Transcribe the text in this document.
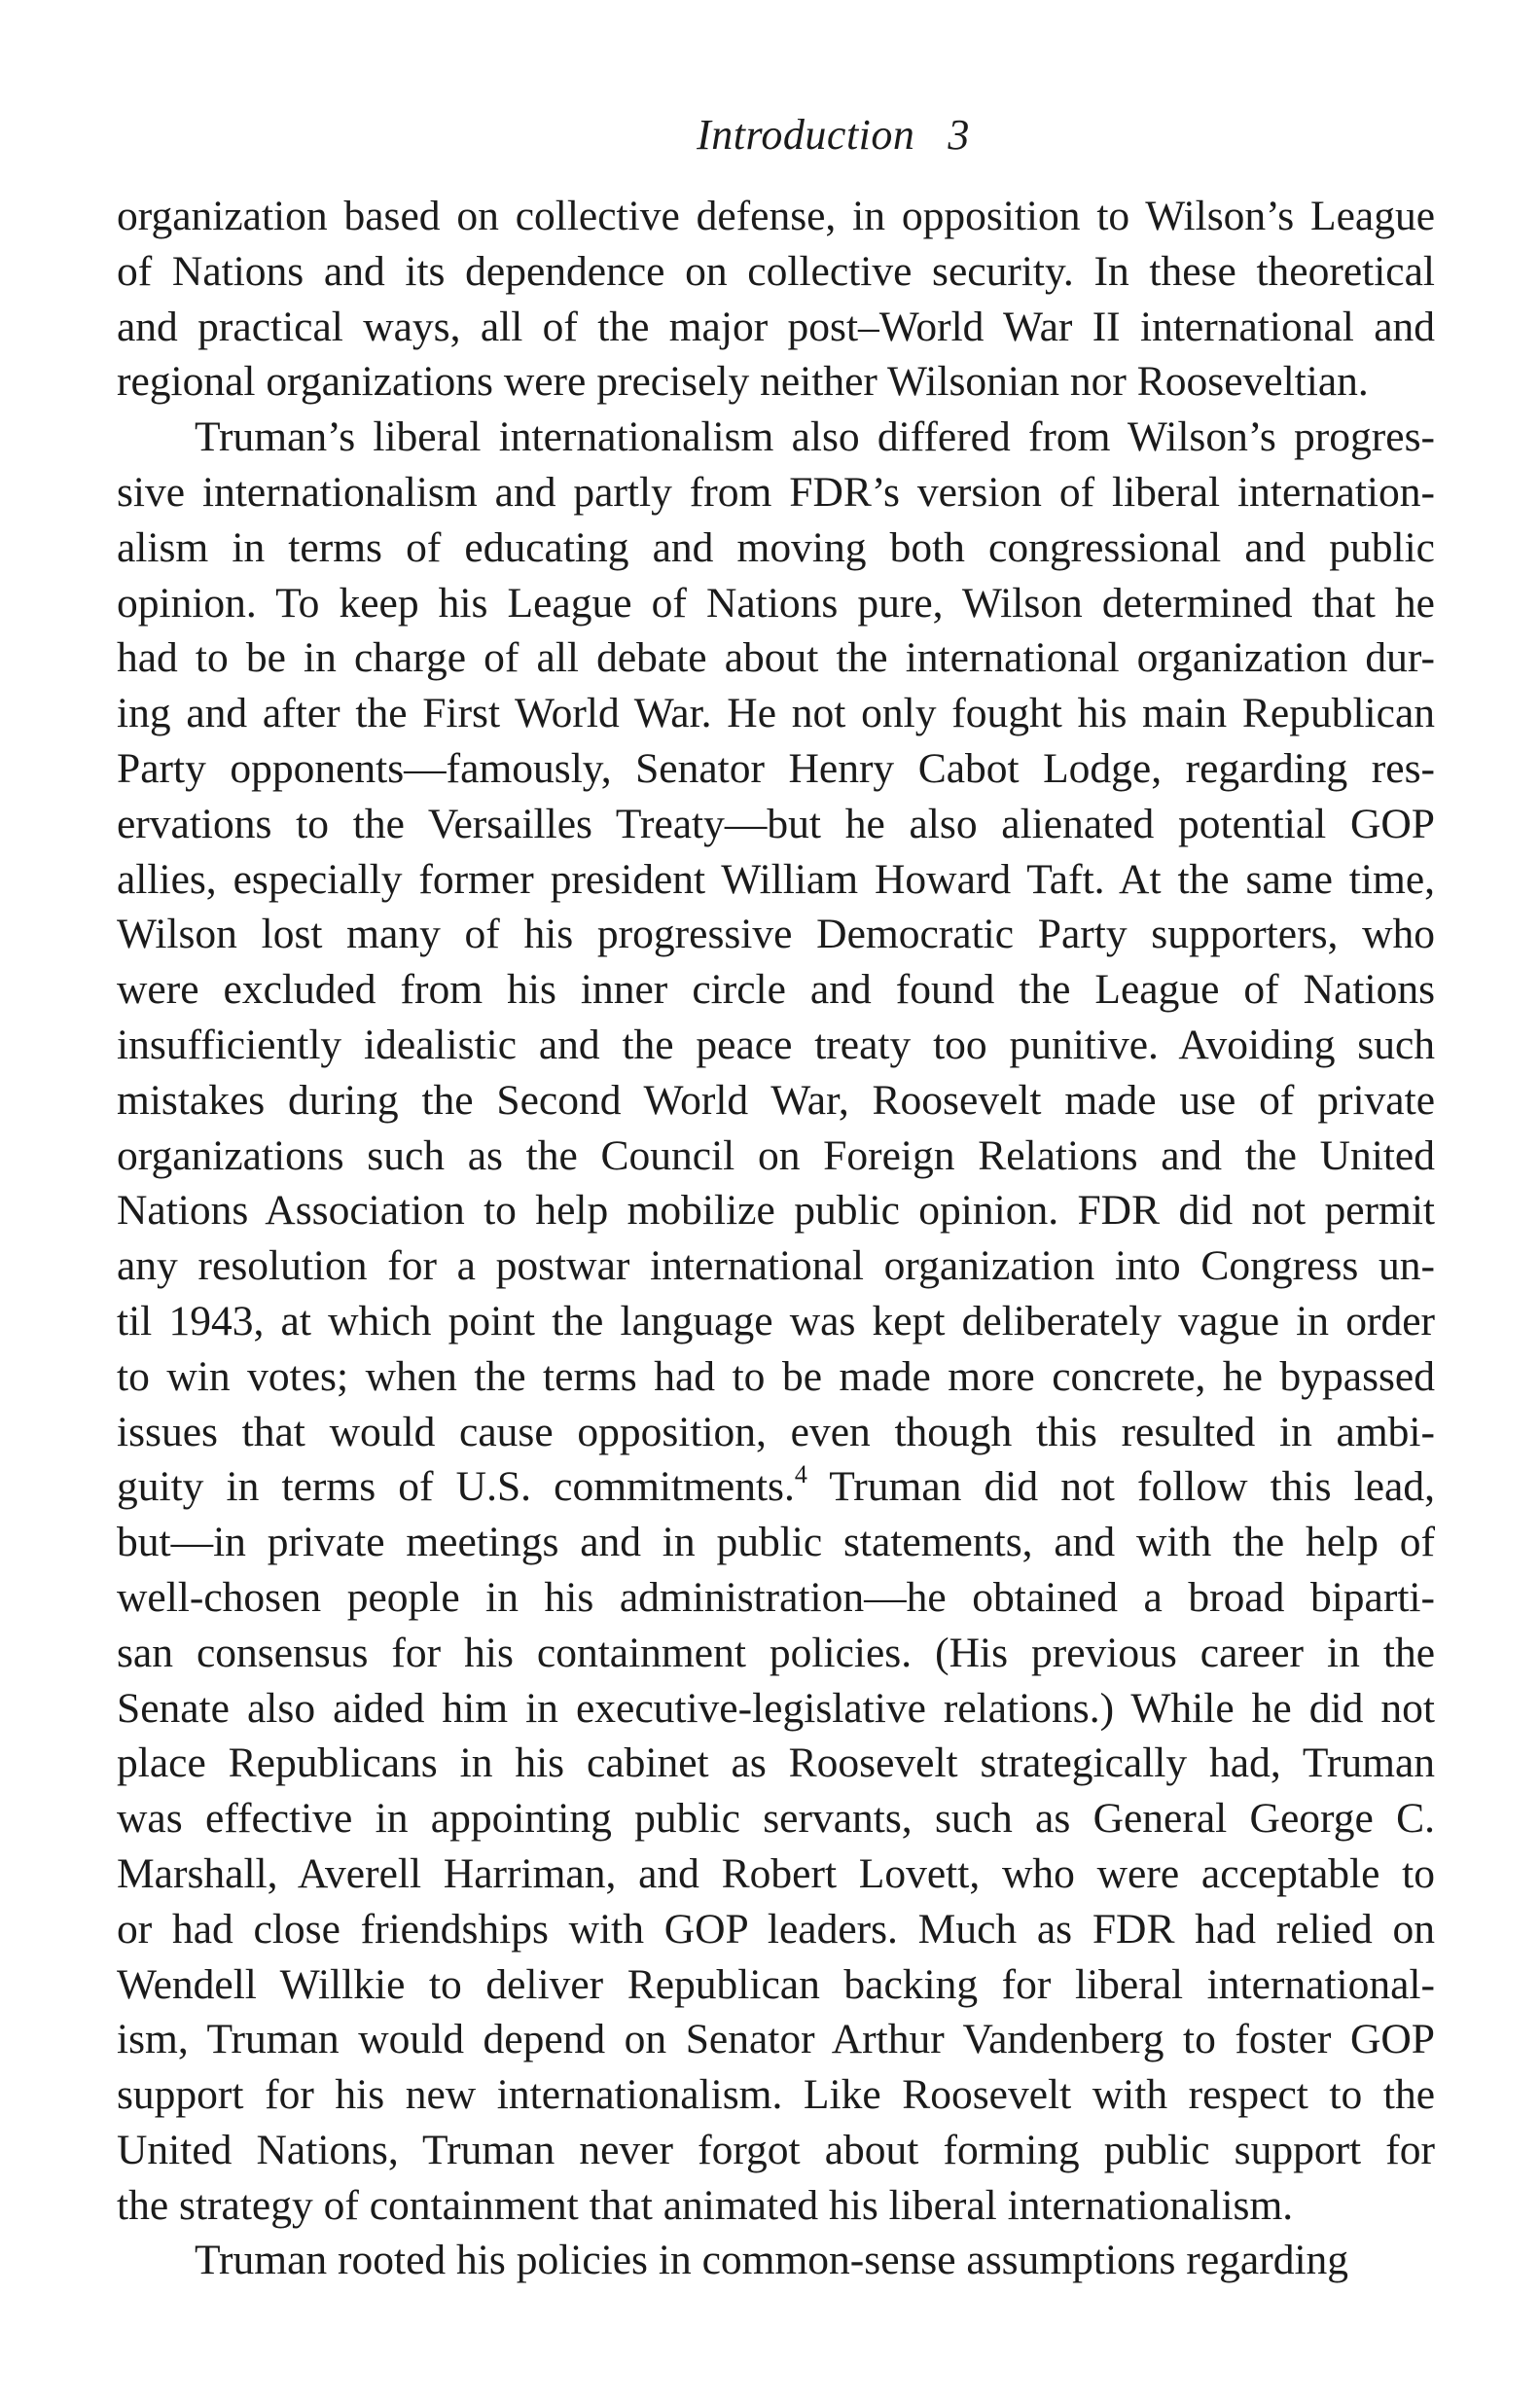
Introduction 3

organization based on collective defense, in opposition to Wilson’s League
of Nations and its dependence on collective security. In these theoretical
and practical ways, all of the major post–World War II international and
regional organizations were precisely neither Wilsonian nor Rooseveltian.

Truman’s liberal internationalism also differed from Wilson’s progres-
sive internationalism and partly from FDR’s version of liberal internation-
alism in terms of educating and moving both congressional and public
opinion. To keep his League of Nations pure, Wilson determined that he
had to be in charge of all debate about the international organization dur-
ing and after the First World War. He not only fought his main Republican
Party opponents—famously, Senator Henry Cabot Lodge, regarding res-
ervations to the Versailles Treaty—but he also alienated potential GOP
allies, especially former president William Howard Taft. At the same time,
Wilson lost many of his progressive Democratic Party supporters, who
were excluded from his inner circle and found the League of Nations
insufficiently idealistic and the peace treaty too punitive. Avoiding such
mistakes during the Second World War, Roosevelt made use of private
organizations such as the Council on Foreign Relations and the United
Nations Association to help mobilize public opinion. FDR did not permit
any resolution for a postwar international organization into Congress un-
til 1943, at which point the language was kept deliberately vague in order
to win votes; when the terms had to be made more concrete, he bypassed
issues that would cause opposition, even though this resulted in ambi-
guity in terms of U.S. commitments.$^4$ Truman did not follow this lead,
but—in private meetings and in public statements, and with the help of
well-chosen people in his administration—he obtained a broad biparti-
san consensus for his containment policies. (His previous career in the
Senate also aided him in executive-legislative relations.) While he did not
place Republicans in his cabinet as Roosevelt strategically had, Truman
was effective in appointing public servants, such as General George C.
Marshall, Averell Harriman, and Robert Lovett, who were acceptable to
or had close friendships with GOP leaders. Much as FDR had relied on
Wendell Willkie to deliver Republican backing for liberal international-
ism, Truman would depend on Senator Arthur Vandenberg to foster GOP
support for his new internationalism. Like Roosevelt with respect to the
United Nations, Truman never forgot about forming public support for
the strategy of containment that animated his liberal internationalism.

Truman rooted his policies in common-sense assumptions regarding
